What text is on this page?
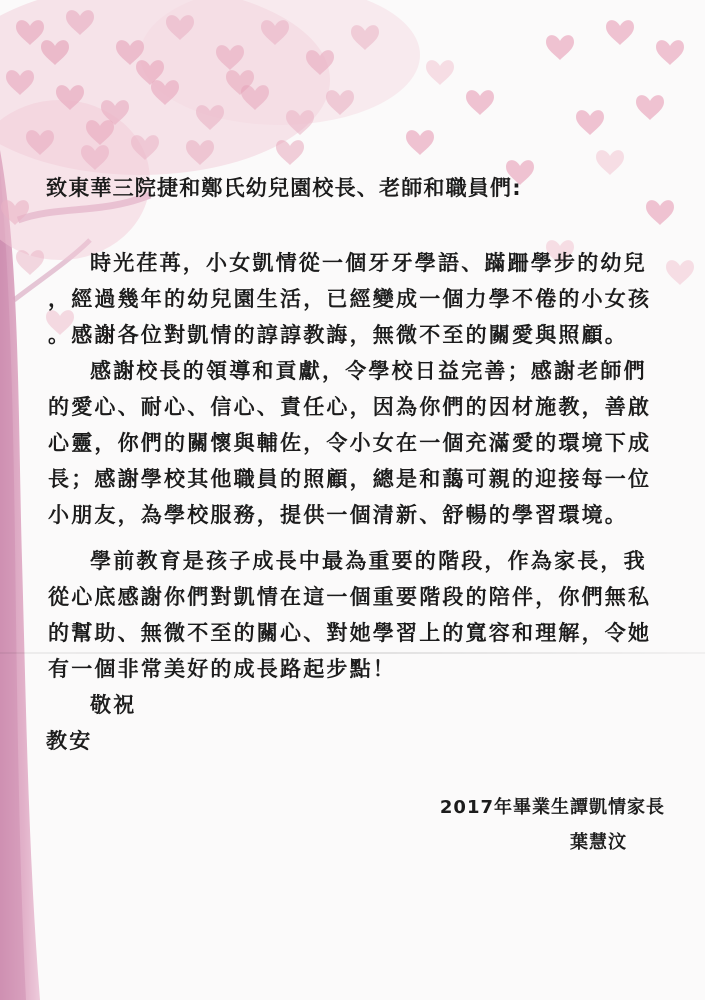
致東華三院捷和鄭氏幼兒園校長、老師和職員們:
時光荏苒，小女凱情從一個牙牙學語、蹣跚學步的幼兒
，經過幾年的幼兒園生活，已經變成一個力學不倦的小女孩
。感謝各位對凱情的諄諄教誨，無微不至的關愛與照顧。
感謝校長的領導和貢獻，令學校日益完善；感謝老師們
的愛心、耐心、信心、責任心，因為你們的因材施教，善啟
心靈，你們的關懷與輔佐，令小女在一個充滿愛的環境下成
長；感謝學校其他職員的照顧，總是和藹可親的迎接每一位
小朋友，為學校服務，提供一個清新、舒暢的學習環境。
學前教育是孩子成長中最為重要的階段，作為家長，我
從心底感謝你們對凱情在這一個重要階段的陪伴，你們無私
的幫助、無微不至的關心、對她學習上的寬容和理解，令她
有一個非常美好的成長路起步點！
敬祝
教安
2017年畢業生譚凱情家長
葉慧汶
